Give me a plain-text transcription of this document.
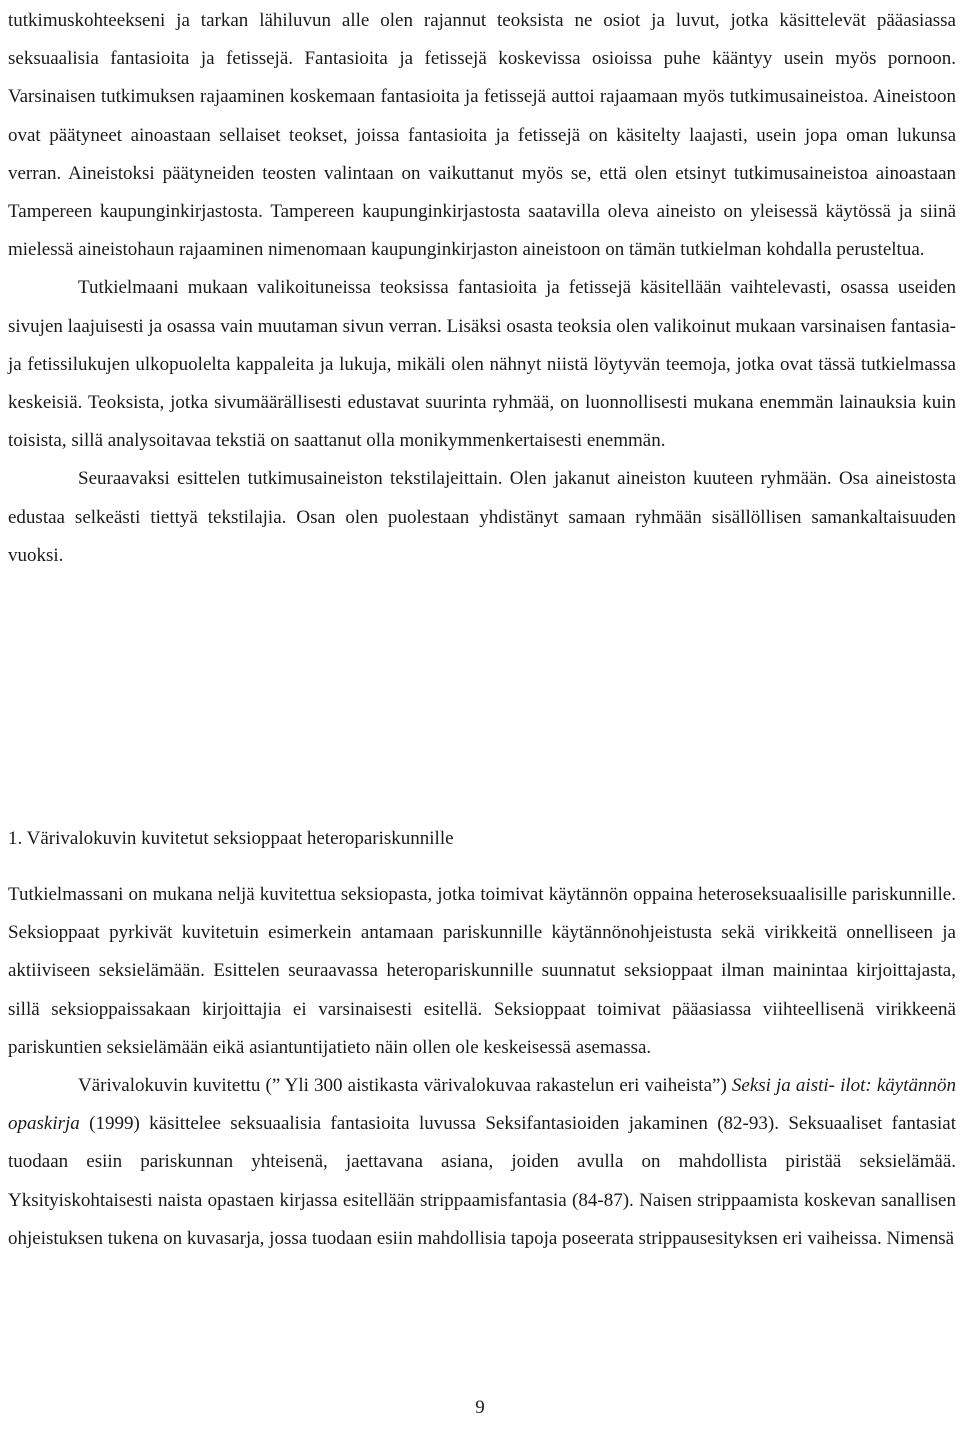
tutkimuskohteekseni ja tarkan lähiluvun alle olen rajannut teoksista ne osiot ja luvut, jotka käsittelevät pääasiassa seksuaalisia fantasioita ja fetissejä. Fantasioita ja fetissejä koskevissa osioissa puhe kääntyy usein myös pornoon. Varsinaisen tutkimuksen rajaaminen koskemaan fantasioita ja fetissejä auttoi rajaamaan myös tutkimusaineistoa. Aineistoon ovat päätyneet ainoastaan sellaiset teokset, joissa fantasioita ja fetissejä on käsitelty laajasti, usein jopa oman lukunsa verran. Aineistoksi päätyneiden teosten valintaan on vaikuttanut myös se, että olen etsinyt tutkimusaineistoa ainoastaan Tampereen kaupunginkirjastosta. Tampereen kaupunginkirjastosta saatavilla oleva aineisto on yleisessä käytössä ja siinä mielessä aineistohaun rajaaminen nimenomaan kaupunginkirjaston aineistoon on tämän tutkielman kohdalla perusteltua.

Tutkielmaani mukaan valikoituneissa teoksissa fantasioita ja fetissejä käsitellään vaihtelevasti, osassa useiden sivujen laajuisesti ja osassa vain muutaman sivun verran. Lisäksi osasta teoksia olen valikoinut mukaan varsinaisen fantasia- ja fetissilukujen ulkopuolelta kappaleita ja lukuja, mikäli olen nähnyt niistä löytyvän teemoja, jotka ovat tässä tutkielmassa keskeisiä. Teoksista, jotka sivumäärällisesti edustavat suurinta ryhmää, on luonnollisesti mukana enemmän lainauksia kuin toisista, sillä analysoitavaa tekstiä on saattanut olla monikymmenkertaisesti enemmän.

Seuraavaksi esittelen tutkimusaineiston tekstilajeittain. Olen jakanut aineiston kuuteen ryhmään. Osa aineistosta edustaa selkeästi tiettyä tekstilajia. Osan olen puolestaan yhdistänyt samaan ryhmään sisällöllisen samankaltaisuuden vuoksi.

1. Värivalokuvin kuvitetut seksioppaat heteropariskunnille

Tutkielmassani on mukana neljä kuvitettua seksiopasta, jotka toimivat käytännön oppaina heteroseksuaalisille pariskunnille. Seksioppaat pyrkivät kuvitetuin esimerkein antamaan pariskunnille käytännönohjeistusta sekä virikkeitä onnelliseen ja aktiiviseen seksielämään. Esittelen seuraavassa heteropariskunnille suunnatut seksioppaat ilman mainintaa kirjoittajasta, sillä seksioppaissakaan kirjoittajia ei varsinaisesti esitellä. Seksioppaat toimivat pääasiassa viihteellisenä virikkeenä pariskuntien seksielämään eikä asiantuntijatieto näin ollen ole keskeisessä asemassa.

Värivalokuvin kuvitettu (” Yli 300 aistikasta värivalokuvaa rakastelun eri vaiheista”) Seksi ja aisti- ilot: käytännön opaskirja (1999) käsittelee seksuaalisia fantasioita luvussa Seksifantasioiden jakaminen (82-93). Seksuaaliset fantasiat tuodaan esiin pariskunnan yhteisenä, jaettavana asiana, joiden avulla on mahdollista piristää seksielämää. Yksityiskohtaisesti naista opastaen kirjassa esitellään strippaamisfantasia (84-87). Naisen strippaamista koskevan sanallisen ohjeistuksen tukena on kuvasarja, jossa tuodaan esiin mahdollisia tapoja poseerata strippausesityksen eri vaiheissa. Nimensä

9
